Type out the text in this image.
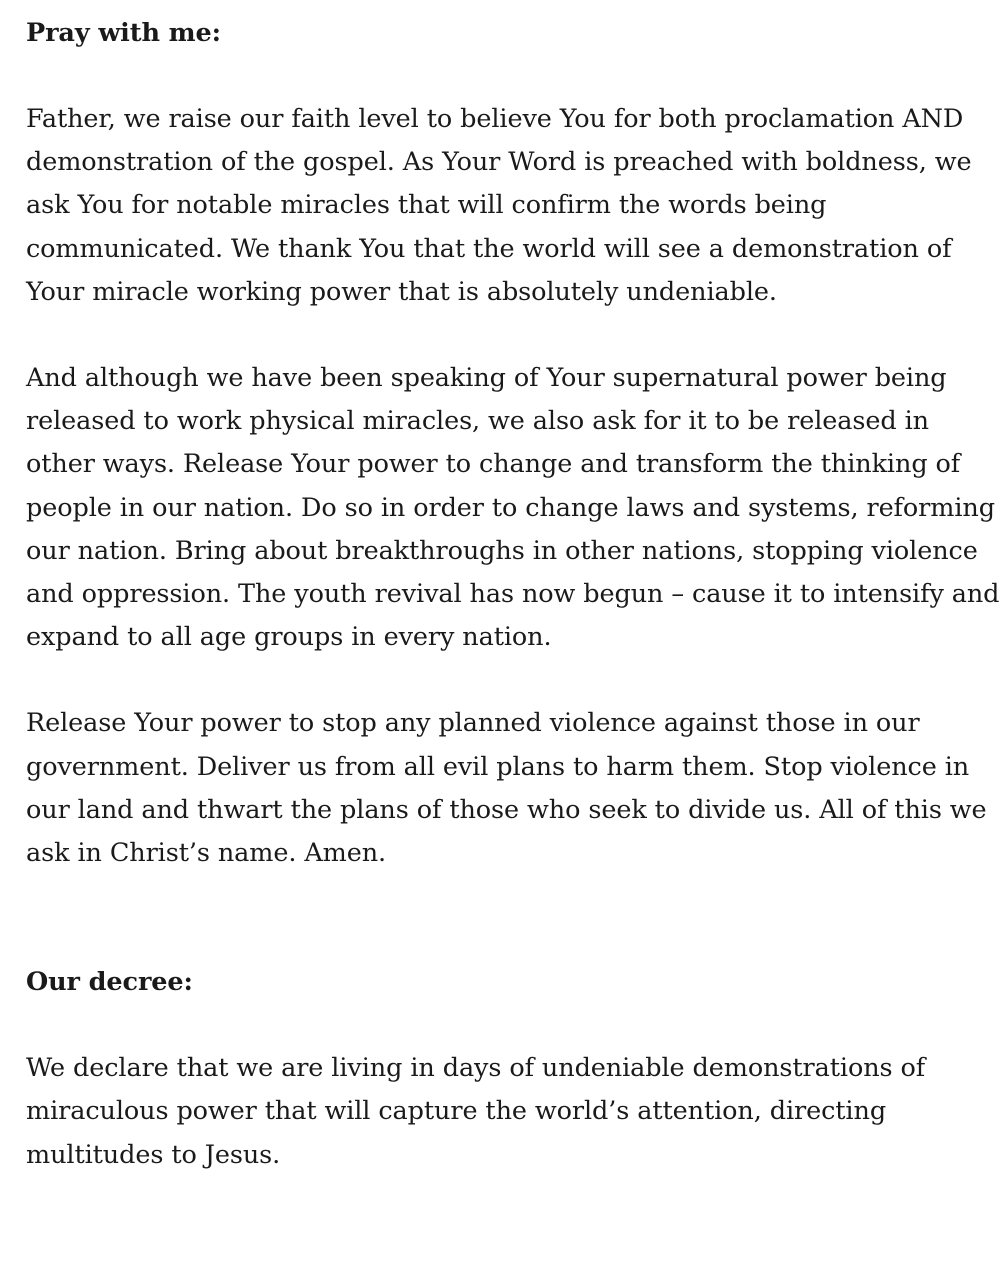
Pray with me:

Father, we raise our faith level to believe You for both proclamation AND demonstration of the gospel. As Your Word is preached with boldness, we ask You for notable miracles that will confirm the words being communicated. We thank You that the world will see a demonstration of Your miracle working power that is absolutely undeniable.

And although we have been speaking of Your supernatural power being released to work physical miracles, we also ask for it to be released in other ways. Release Your power to change and transform the thinking of people in our nation. Do so in order to change laws and systems, reforming our nation. Bring about breakthroughs in other nations, stopping violence and oppression. The youth revival has now begun – cause it to intensify and expand to all age groups in every nation.

Release Your power to stop any planned violence against those in our government. Deliver us from all evil plans to harm them. Stop violence in our land and thwart the plans of those who seek to divide us. All of this we ask in Christ’s name. Amen.

Our decree:

We declare that we are living in days of undeniable demonstrations of miraculous power that will capture the world’s attention, directing multitudes to Jesus.
